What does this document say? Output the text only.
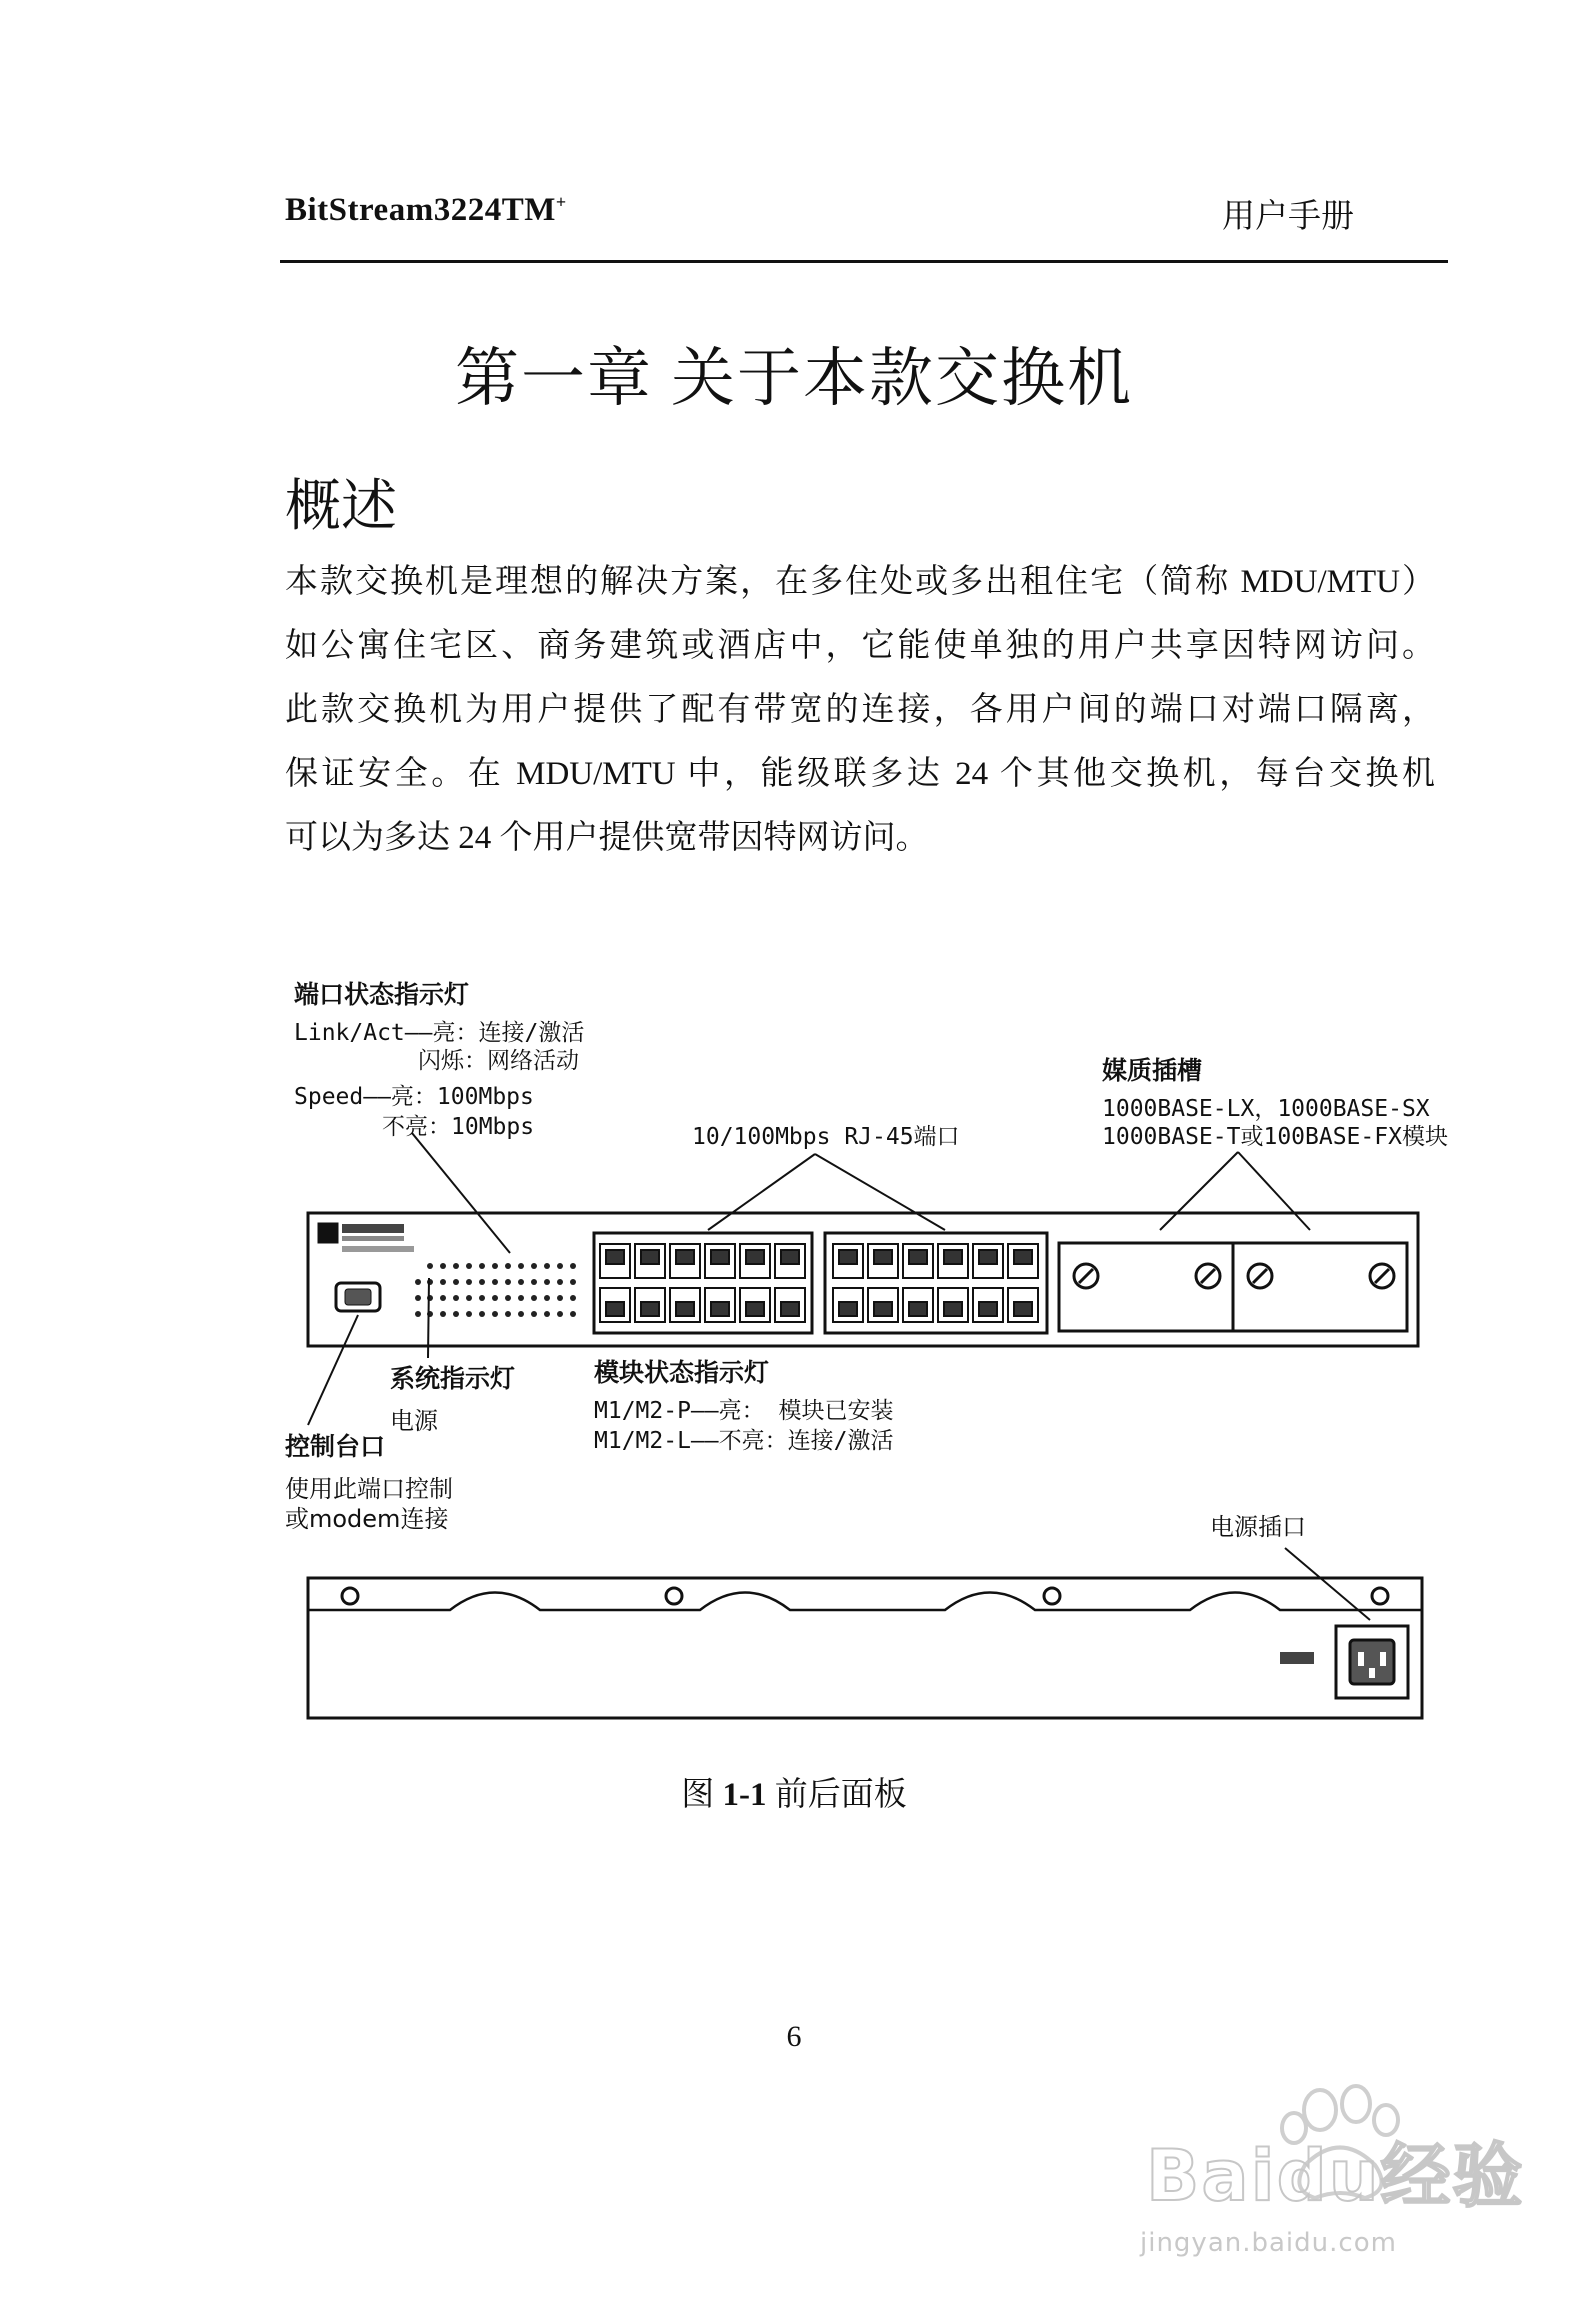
BitStream3224TM+	用户手册
第一章 关于本款交换机
概述
本款交换机是理想的解决方案，在多住处或多出租住宅（简称 MDU/MTU）
如公寓住宅区、商务建筑或酒店中，它能使单独的用户共享因特网访问。
此款交换机为用户提供了配有带宽的连接，各用户间的端口对端口隔离，
保证安全。在 MDU/MTU 中，能级联多达 24 个其他交换机，每台交换机
可以为多达 24 个用户提供宽带因特网访问。
端口状态指示灯
Link/Act——亮：连接/激活
闪烁：网络活动
Speed——亮：100Mbps
不亮：10Mbps	10/100Mbps RJ-45端口
媒质插槽
1000BASE-LX，1000BASE-SX
1000BASE-T或100BASE-FX模块
系统指示灯
电源
模块状态指示灯
M1/M2-P——亮： 模块已安装
M1/M2-L——不亮：连接/激活
控制台口
使用此端口控制
或modem连接	电源插口
图 1-1 前后面板
6
Baidu经验
jingyan.baidu.com
